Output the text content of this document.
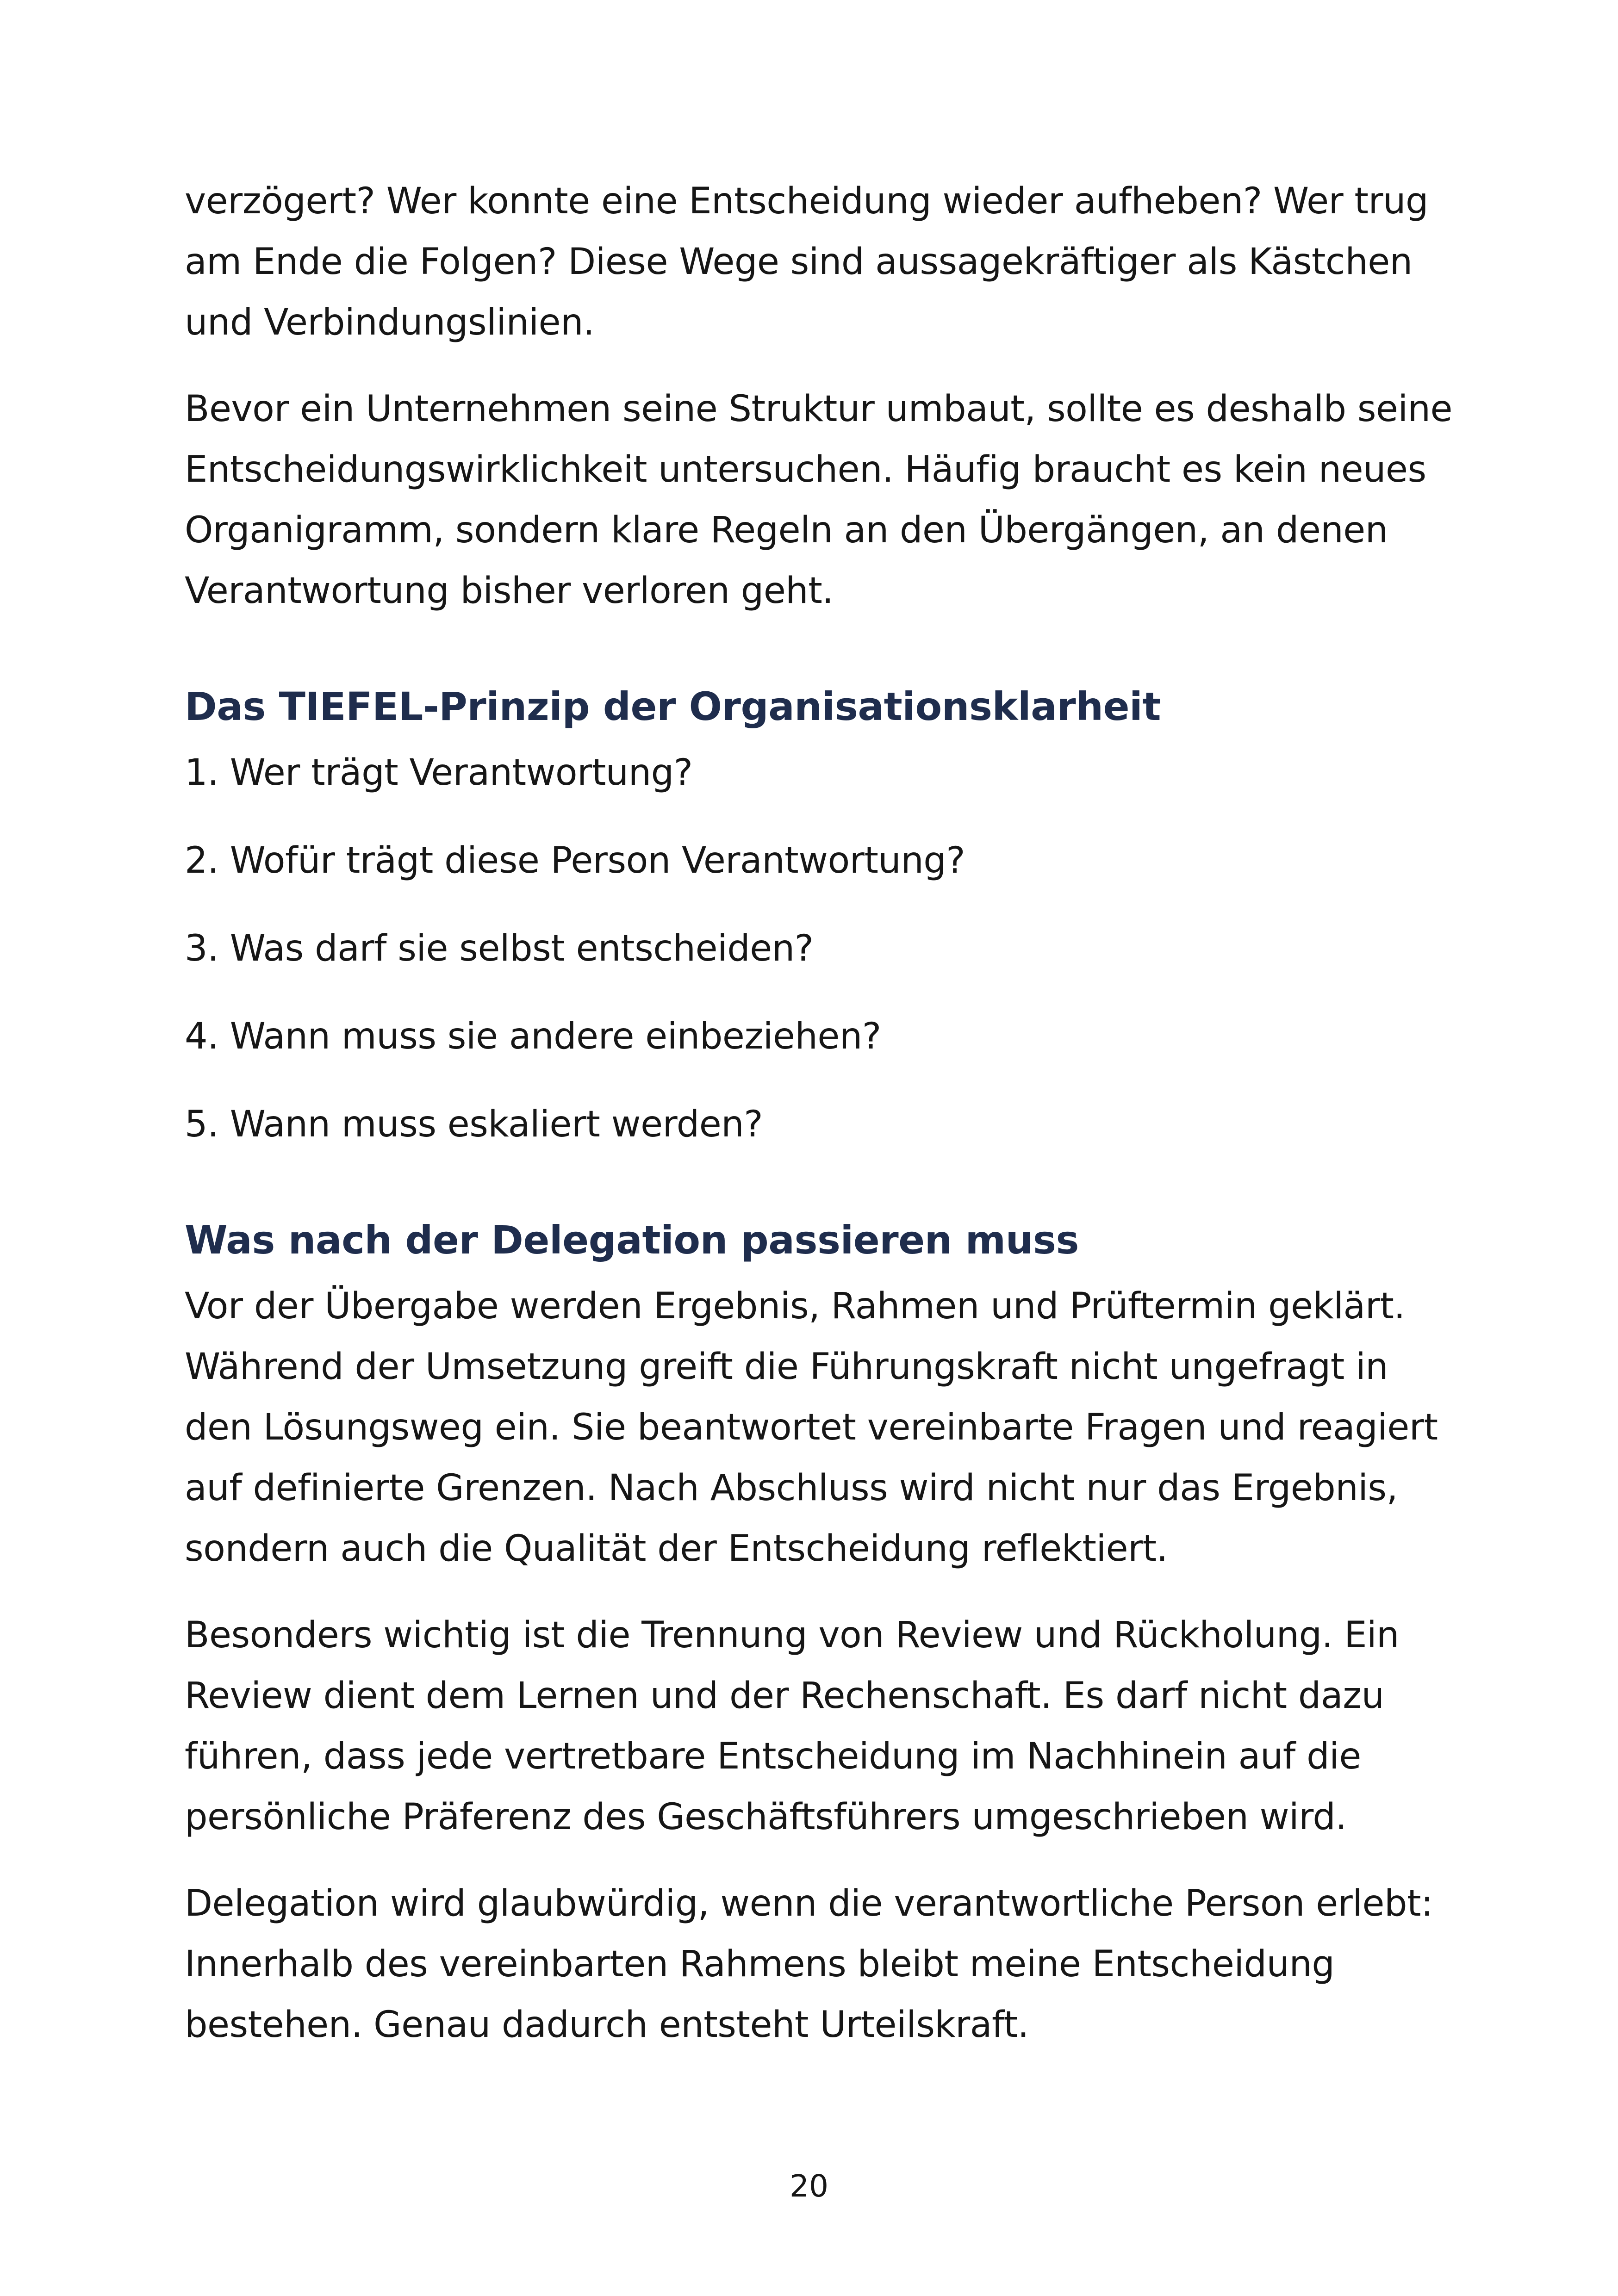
verzögert? Wer konnte eine Entscheidung wieder aufheben? Wer trug am Ende die Folgen? Diese Wege sind aussagekräftiger als Kästchen und Verbindungslinien.

Bevor ein Unternehmen seine Struktur umbaut, sollte es deshalb seine Entscheidungswirklichkeit untersuchen. Häufig braucht es kein neues Organigramm, sondern klare Regeln an den Übergängen, an denen Verantwortung bisher verloren geht.

Das TIEFEL-Prinzip der Organisationsklarheit
1. Wer trägt Verantwortung?
2. Wofür trägt diese Person Verantwortung?
3. Was darf sie selbst entscheiden?
4. Wann muss sie andere einbeziehen?
5. Wann muss eskaliert werden?
Was nach der Delegation passieren muss

Vor der Übergabe werden Ergebnis, Rahmen und Prüftermin geklärt. Während der Umsetzung greift die Führungskraft nicht ungefragt in den Lösungsweg ein. Sie beantwortet vereinbarte Fragen und reagiert auf definierte Grenzen. Nach Abschluss wird nicht nur das Ergebnis, sondern auch die Qualität der Entscheidung reflektiert.

Besonders wichtig ist die Trennung von Review und Rückholung. Ein Review dient dem Lernen und der Rechenschaft. Es darf nicht dazu führen, dass jede vertretbare Entscheidung im Nachhinein auf die persönliche Präferenz des Geschäftsführers umgeschrieben wird.

Delegation wird glaubwürdig, wenn die verantwortliche Person erlebt: Innerhalb des vereinbarten Rahmens bleibt meine Entscheidung bestehen. Genau dadurch entsteht Urteilskraft.

20
